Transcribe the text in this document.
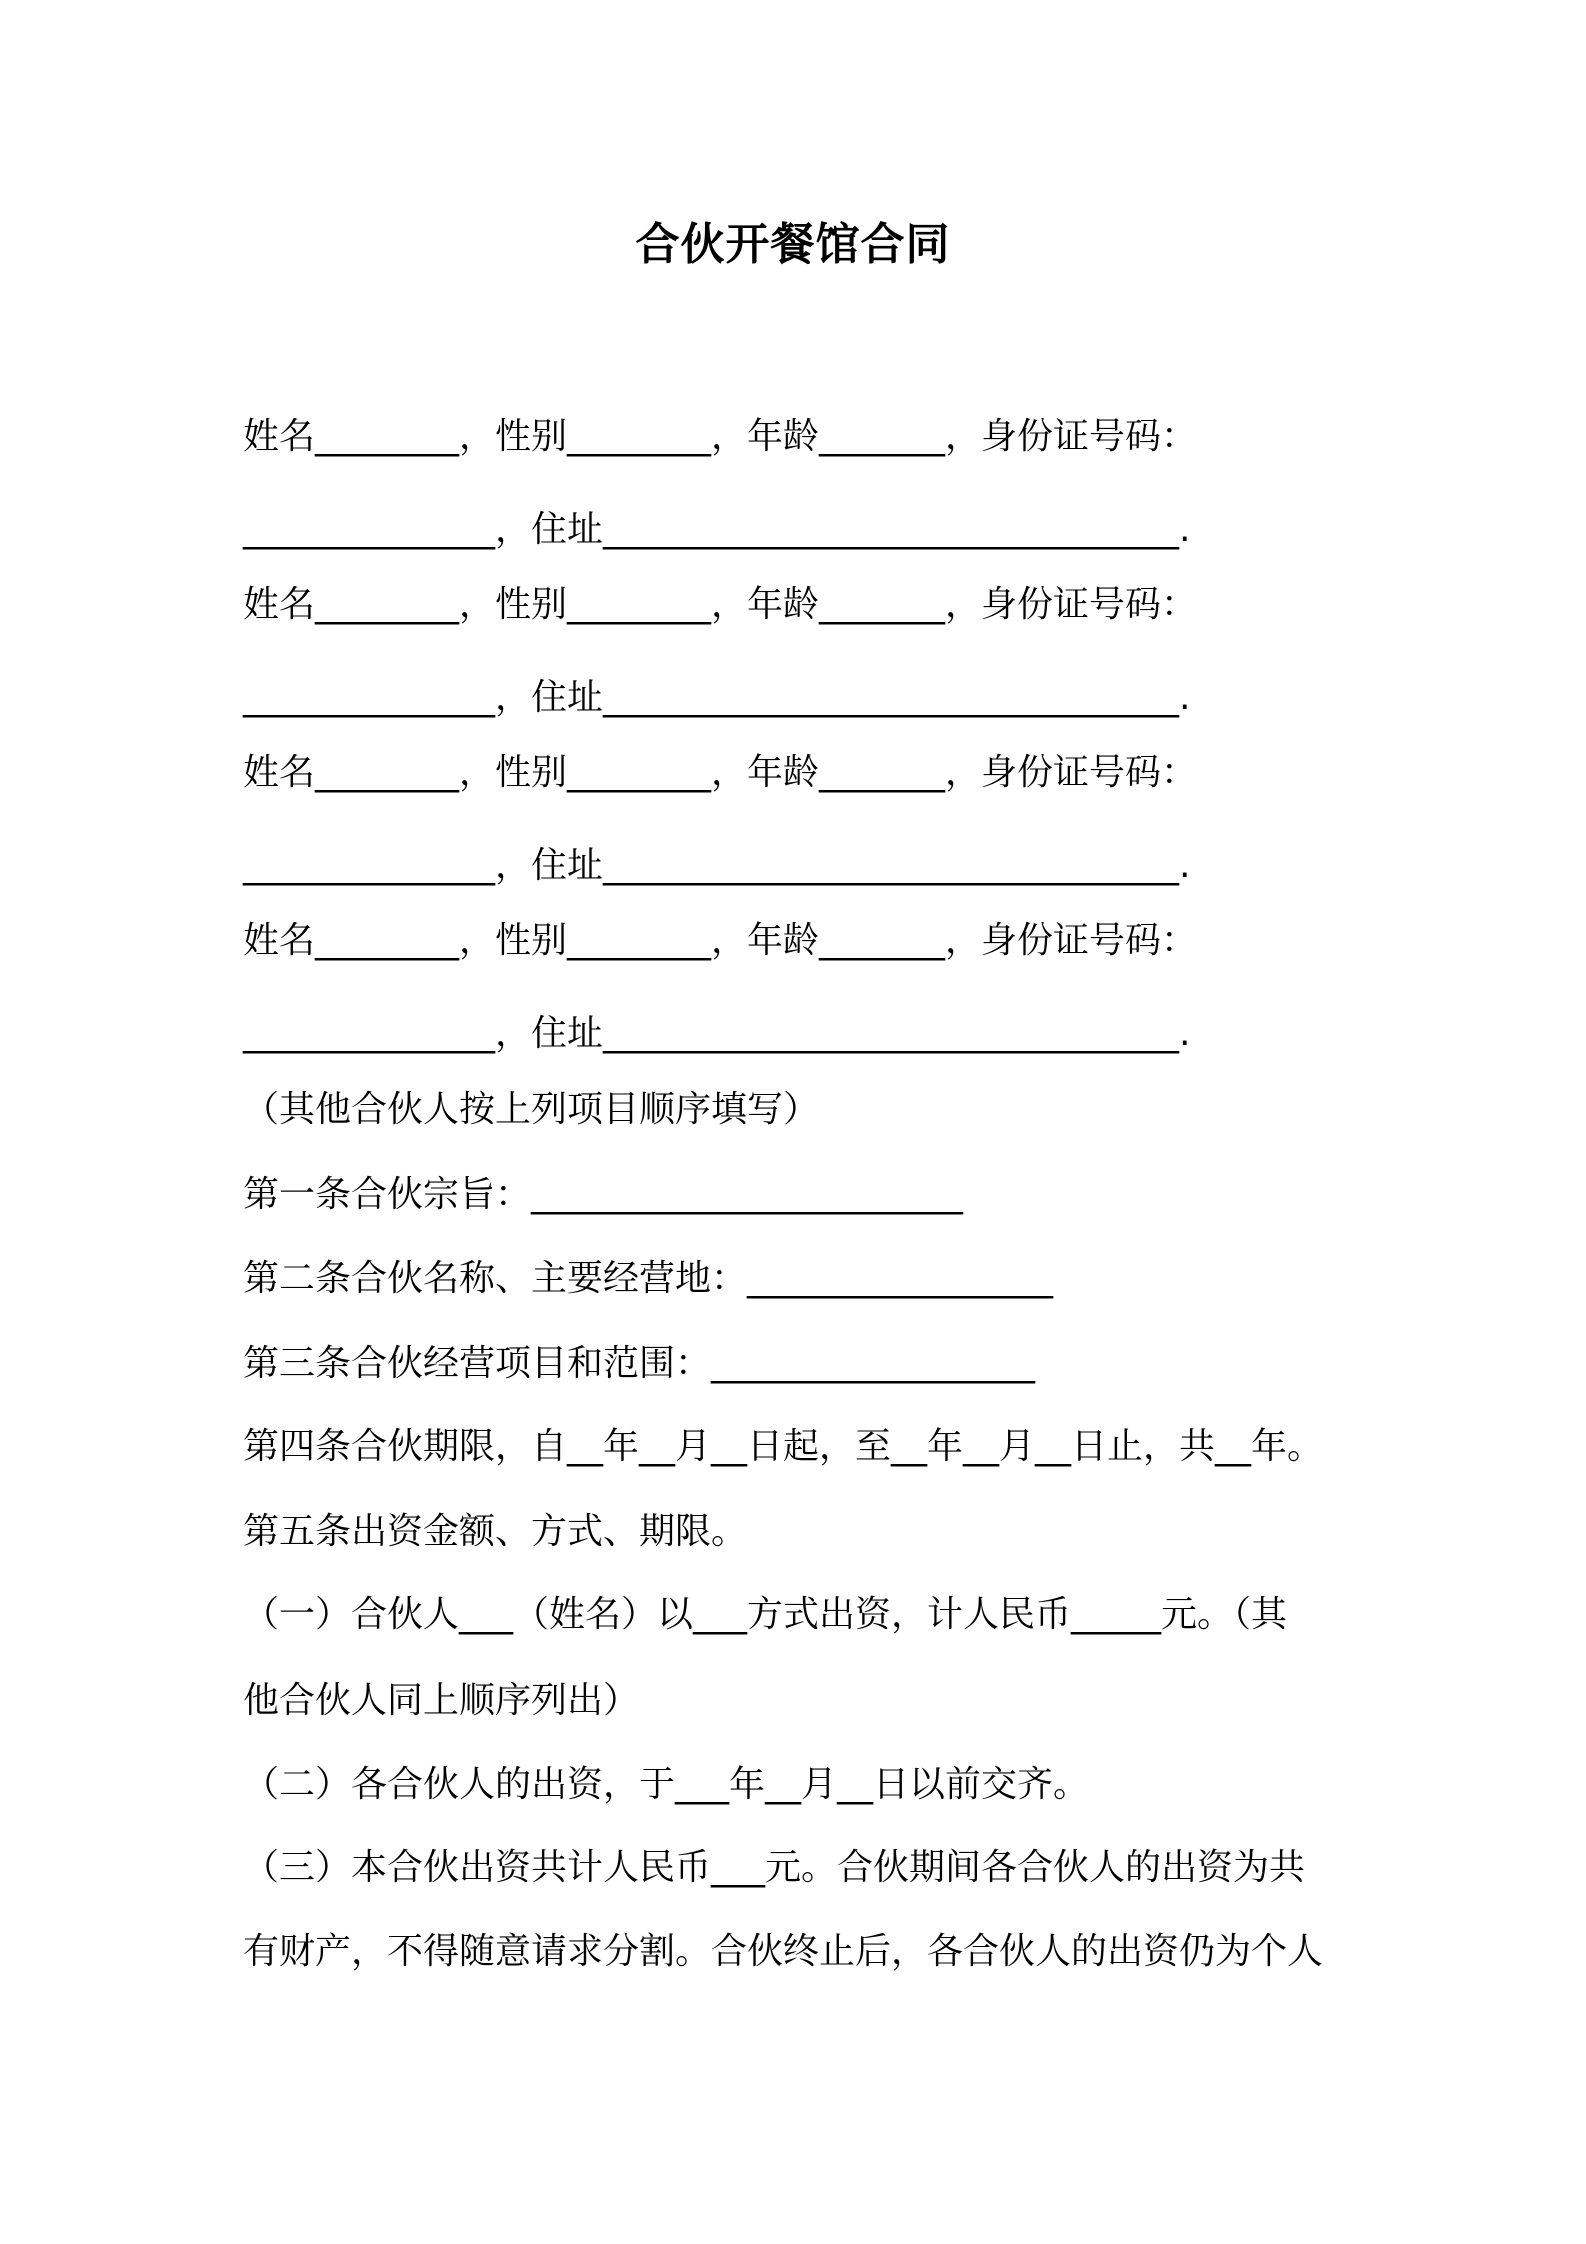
合伙开餐馆合同
姓名________，性别________，年龄_______，身份证号码：
______________，住址________________________________.
姓名________，性别________，年龄_______，身份证号码：
______________，住址________________________________.
姓名________，性别________，年龄_______，身份证号码：
______________，住址________________________________.
姓名________，性别________，年龄_______，身份证号码：
______________，住址________________________________.
（其他合伙人按上列项目顺序填写）
第一条合伙宗旨：________________________
第二条合伙名称、主要经营地：_________________
第三条合伙经营项目和范围：__________________
第四条合伙期限，自__年__月__日起，至__年__月__日止，共__年。
第五条出资金额、方式、期限。
（一）合伙人___（姓名）以___方式出资，计人民币_____元。（其
他合伙人同上顺序列出）
（二）各合伙人的出资，于___年__月__日以前交齐。
（三）本合伙出资共计人民币___元。合伙期间各合伙人的出资为共
有财产，不得随意请求分割。合伙终止后，各合伙人的出资仍为个人
